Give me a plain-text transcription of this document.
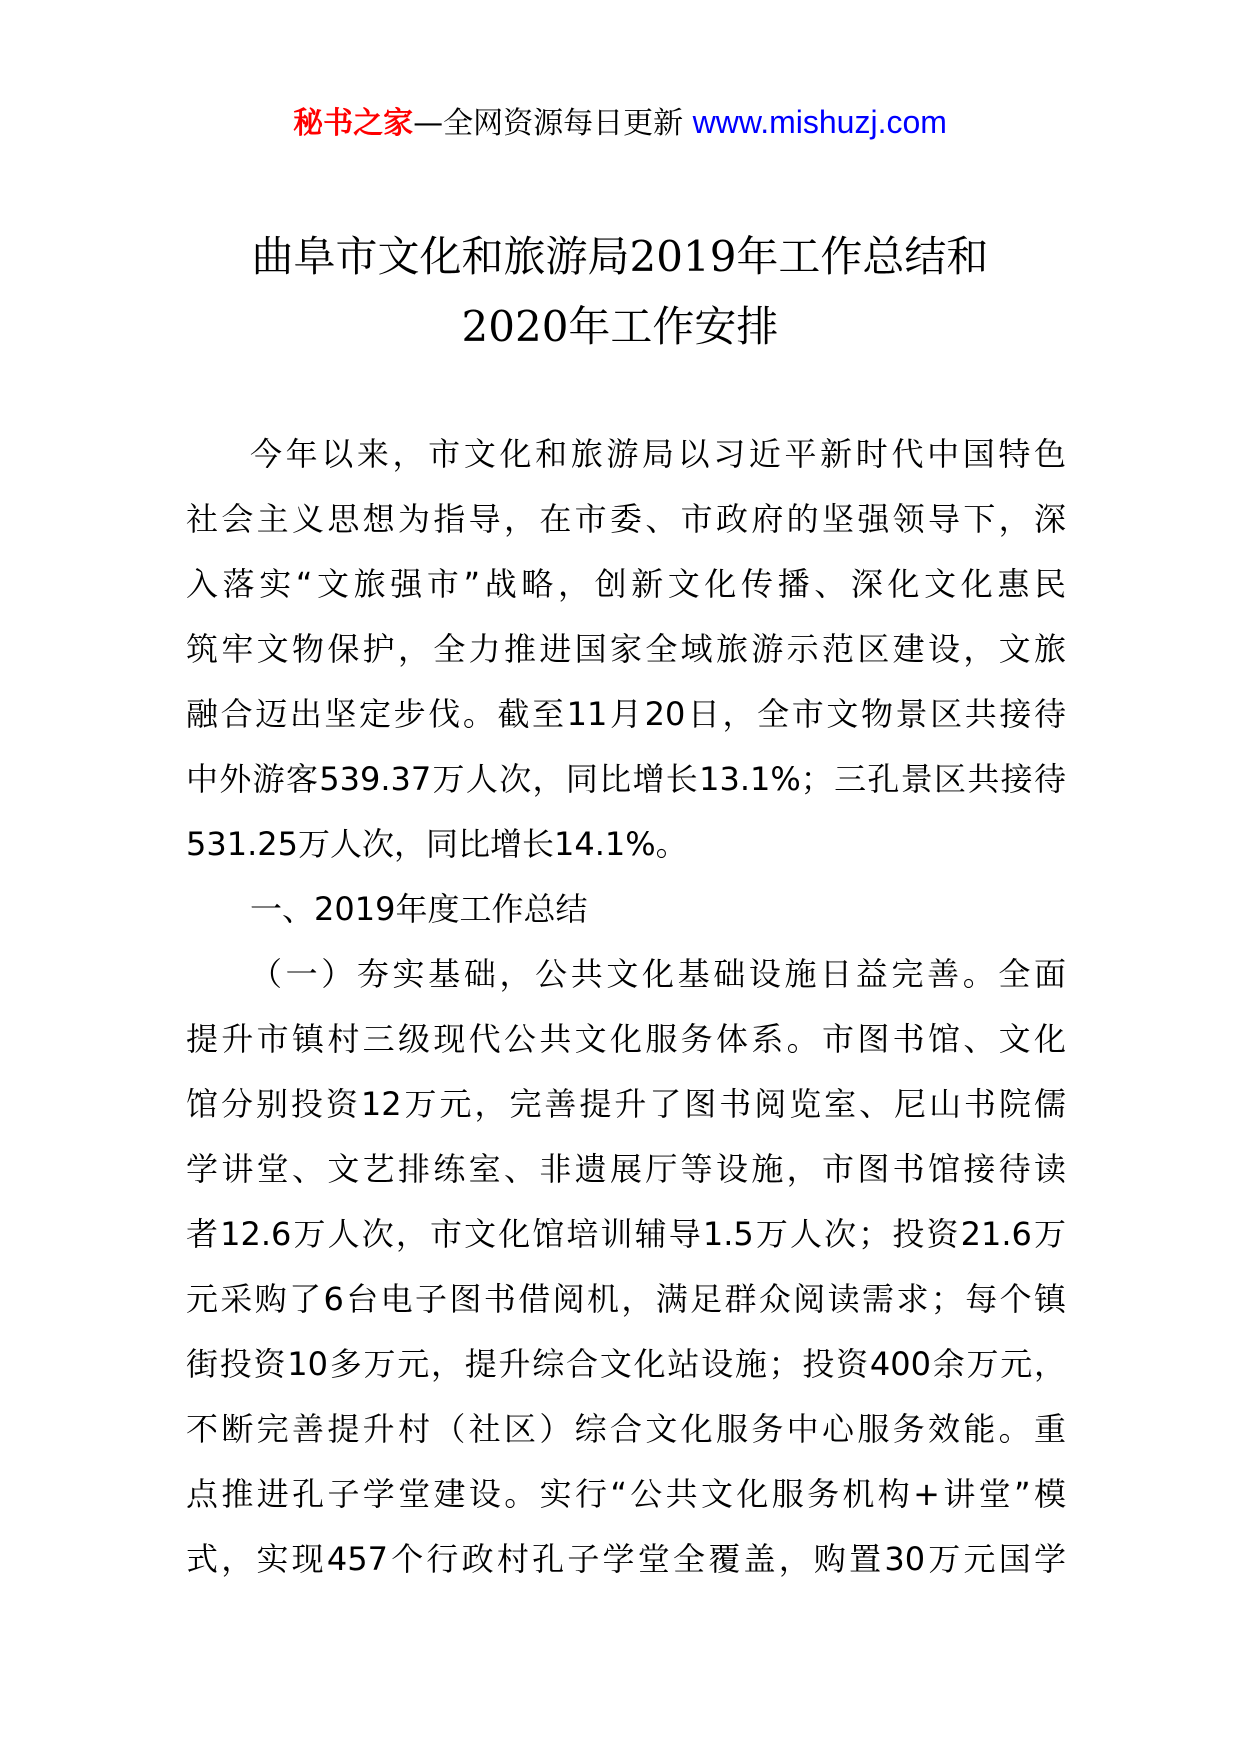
秘书之家—全网资源每日更新 www.mishuzj.com
曲阜市文化和旅游局2019年工作总结和
2020年工作安排
今年以来，市文化和旅游局以习近平新时代中国特色
社会主义思想为指导，在市委、市政府的坚强领导下，深
入落实“文旅强市”战略，创新文化传播、深化文化惠民
筑牢文物保护，全力推进国家全域旅游示范区建设，文旅
融合迈出坚定步伐。截至11月20日，全市文物景区共接待
中外游客539.37万人次，同比增长13.1%；三孔景区共接待
531.25万人次，同比增长14.1%。
一、2019年度工作总结
（一）夯实基础，公共文化基础设施日益完善。全面
提升市镇村三级现代公共文化服务体系。市图书馆、文化
馆分别投资12万元，完善提升了图书阅览室、尼山书院儒
学讲堂、文艺排练室、非遗展厅等设施，市图书馆接待读
者12.6万人次，市文化馆培训辅导1.5万人次；投资21.6万
元采购了6台电子图书借阅机，满足群众阅读需求；每个镇
街投资10多万元，提升综合文化站设施；投资400余万元，
不断完善提升村（社区）综合文化服务中心服务效能。重
点推进孔子学堂建设。实行“公共文化服务机构+讲堂”模
式，实现457个行政村孔子学堂全覆盖，购置30万元国学
